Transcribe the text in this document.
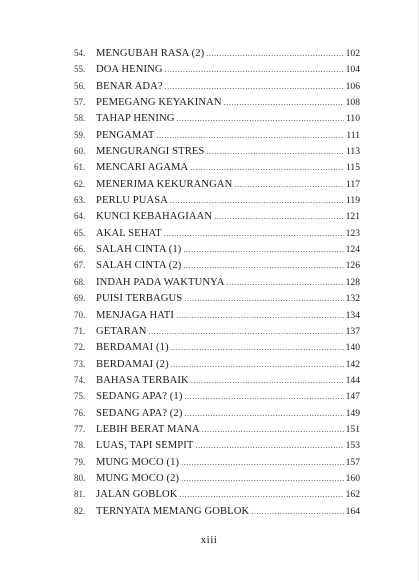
54.	MENGUBAH RASA (2) .....	102
55.	DOA HENING .....	104
56.	BENAR ADA? .....	106
57.	PEMEGANG KEYAKINAN .....	108
58.	TAHAP HENING .....	110
59.	PENGAMAT .....	111
60.	MENGURANGI STRES .....	113
61.	MENCARI AGAMA .....	115
62.	MENERIMA KEKURANGAN .....	117
63.	PERLU PUASA .....	119
64.	KUNCI KEBAHAGIAAN .....	121
65.	AKAL SEHAT .....	123
66.	SALAH CINTA (1) .....	124
67.	SALAH CINTA (2) .....	126
68.	INDAH PADA WAKTUNYA .....	128
69.	PUISI TERBAGUS .....	132
70.	MENJAGA HATI .....	134
71.	GETARAN .....	137
72.	BERDAMAI (1) .....	140
73.	BERDAMAI (2) .....	142
74.	BAHASA TERBAIK .....	144
75.	SEDANG APA? (1) .....	147
76.	SEDANG APA? (2) .....	149
77.	LEBIH BERAT MANA .....	151
78.	LUAS, TAPI SEMPIT .....	153
79.	MUNG MOCO (1) .....	157
80.	MUNG MOCO (2) .....	160
81.	JALAN GOBLOK .....	162
82.	TERNYATA MEMANG GOBLOK .....	164
xiii
